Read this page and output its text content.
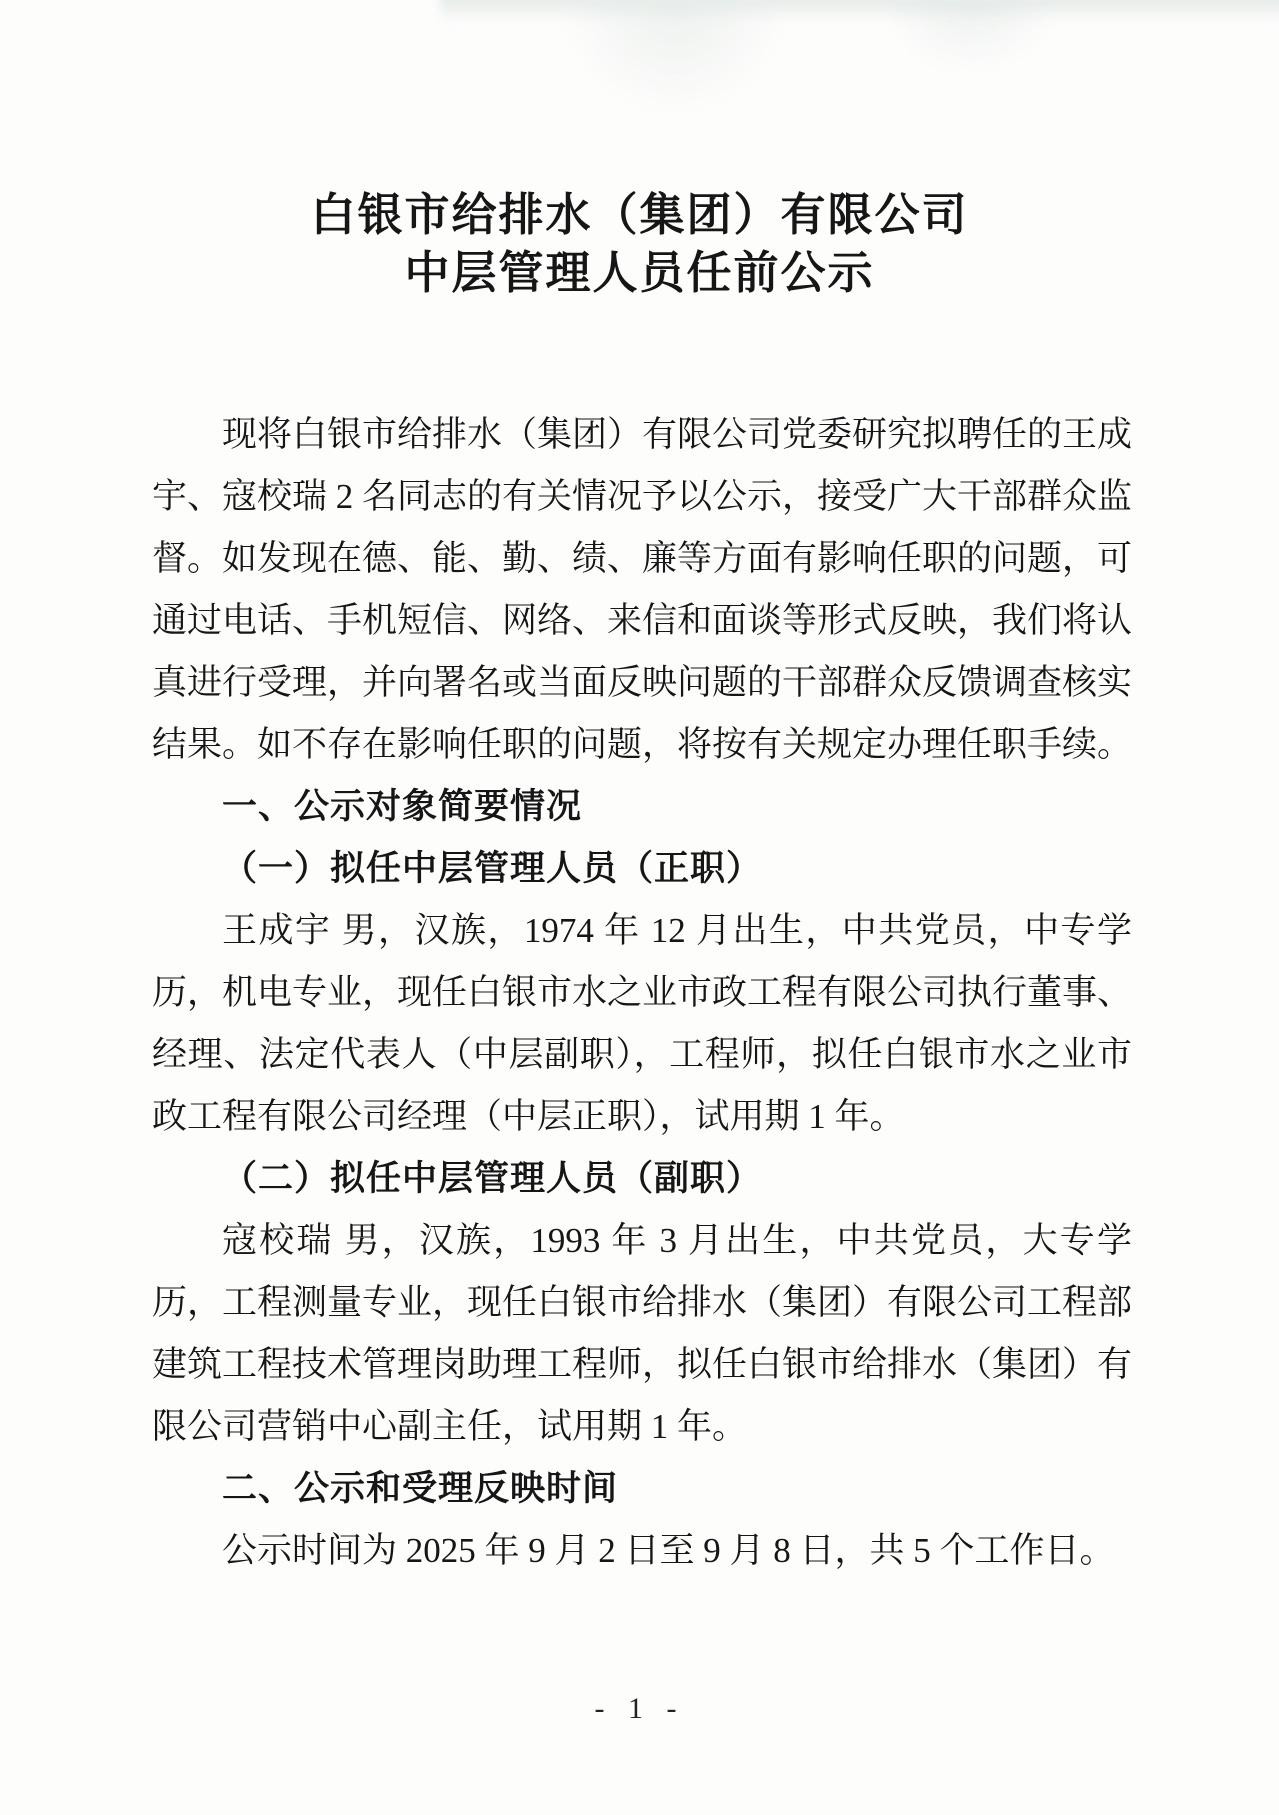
白银市给排水（集团）有限公司
中层管理人员任前公示

现将白银市给排水（集团）有限公司党委研究拟聘任的王成宇、寇校瑞 2 名同志的有关情况予以公示，接受广大干部群众监督。如发现在德、能、勤、绩、廉等方面有影响任职的问题，可通过电话、手机短信、网络、来信和面谈等形式反映，我们将认真进行受理，并向署名或当面反映问题的干部群众反馈调查核实结果。如不存在影响任职的问题，将按有关规定办理任职手续。

一、公示对象简要情况

（一）拟任中层管理人员（正职）

王成宇 男，汉族，1974 年 12 月出生，中共党员，中专学历，机电专业，现任白银市水之业市政工程有限公司执行董事、经理、法定代表人（中层副职），工程师，拟任白银市水之业市政工程有限公司经理（中层正职），试用期 1 年。

（二）拟任中层管理人员（副职）

寇校瑞 男，汉族，1993 年 3 月出生，中共党员，大专学历，工程测量专业，现任白银市给排水（集团）有限公司工程部建筑工程技术管理岗助理工程师，拟任白银市给排水（集团）有限公司营销中心副主任，试用期 1 年。

二、公示和受理反映时间

公示时间为 2025 年 9 月 2 日至 9 月 8 日，共 5 个工作日。

- 1 -
